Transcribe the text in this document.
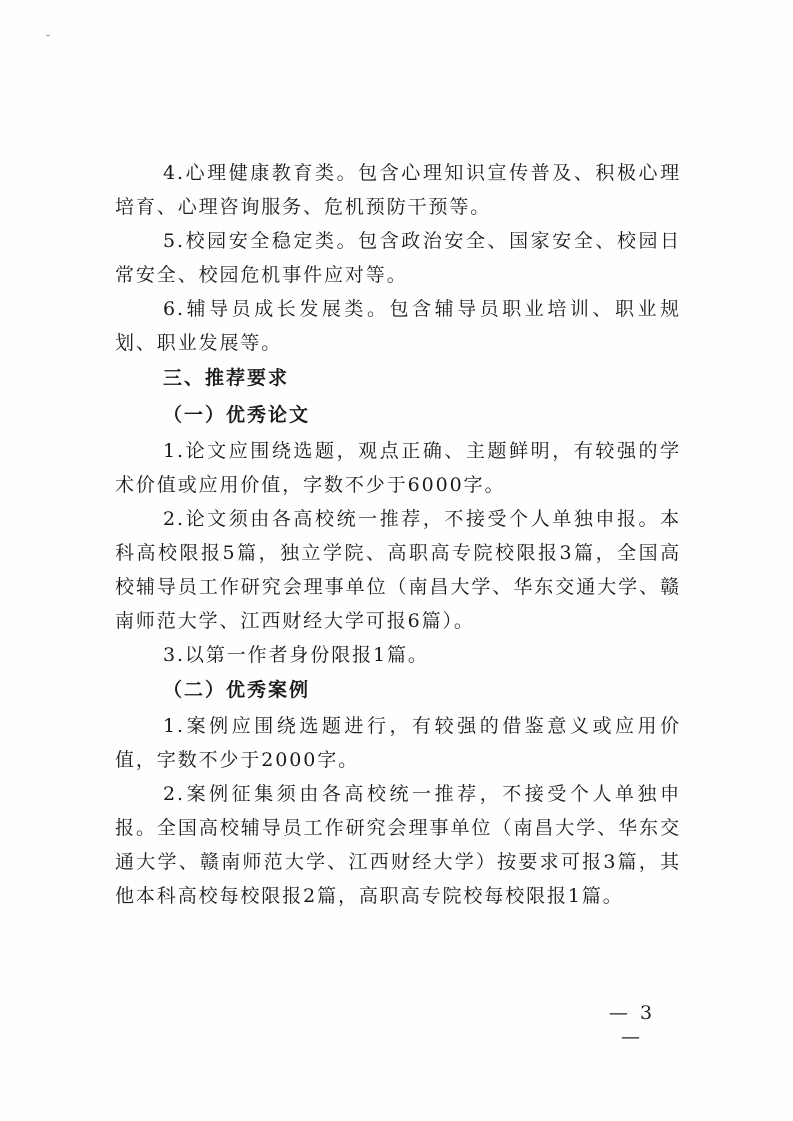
4.心理健康教育类。包含心理知识宣传普及、积极心理培育、心理咨询服务、危机预防干预等。

5.校园安全稳定类。包含政治安全、国家安全、校园日常安全、校园危机事件应对等。

6.辅导员成长发展类。包含辅导员职业培训、职业规划、职业发展等。

三、推荐要求

（一）优秀论文

1.论文应围绕选题，观点正确、主题鲜明，有较强的学术价值或应用价值，字数不少于6000字。

2.论文须由各高校统一推荐，不接受个人单独申报。本科高校限报5篇，独立学院、高职高专院校限报3篇，全国高校辅导员工作研究会理事单位（南昌大学、华东交通大学、赣南师范大学、江西财经大学可报6篇）。

3.以第一作者身份限报1篇。

（二）优秀案例

1.案例应围绕选题进行，有较强的借鉴意义或应用价值，字数不少于2000字。

2.案例征集须由各高校统一推荐，不接受个人单独申报。全国高校辅导员工作研究会理事单位（南昌大学、华东交通大学、赣南师范大学、江西财经大学）按要求可报3篇，其他本科高校每校限报2篇，高职高专院校每校限报1篇。

— 3 —
